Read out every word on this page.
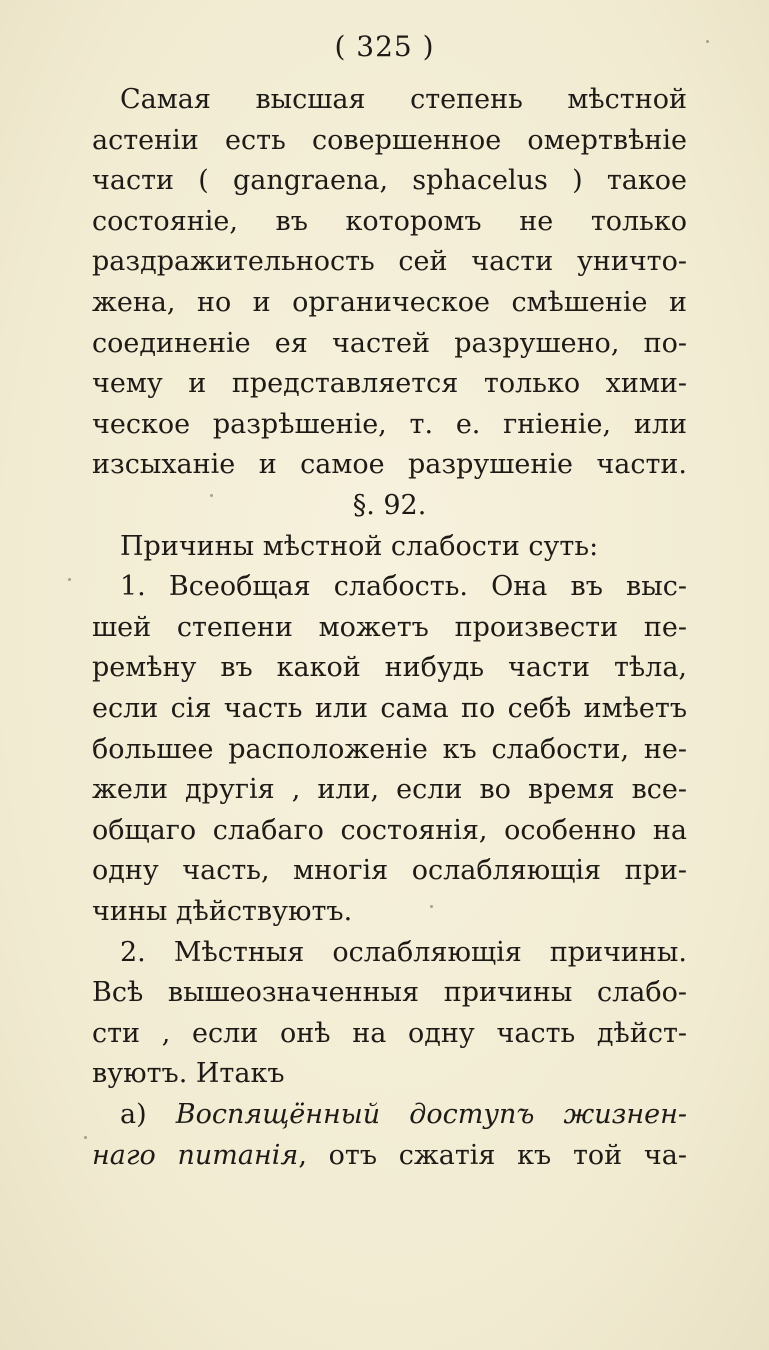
( 325 )
Самая высшая степень мѣстной
астеніи есть совершенное омертвѣніе
части ( gangraena, sphacelus ) такое
состояніе, въ которомъ не только
раздражительность сей части уничто-
жена, но и органическое смѣшеніе и
соединеніе ея частей разрушено, по-
чему и представляется только хими-
ческое разрѣшеніе, т. е. гніеніе, или
изсыханіе и самое разрушеніе части.
§. 92.
Причины мѣстной слабости суть:
1. Всеобщая слабость. Она въ выс-
шей степени можетъ произвести пе-
ремѣну въ какой нибудь части тѣла,
если сія часть или сама по себѣ имѣетъ
большее расположеніе къ слабости, не-
жели другія , или, если во время все-
общаго слабаго состоянія, особенно на
одну часть, многія ослабляющія при-
чины дѣйствуютъ.
2. Мѣстныя ослабляющія причины.
Всѣ вышеозначенныя причины слабо-
сти , если онѣ на одну часть дѣйст-
вуютъ. Итакъ
а) Воспящённый доступъ жизнен-
наго питанія, отъ сжатія къ той ча-
